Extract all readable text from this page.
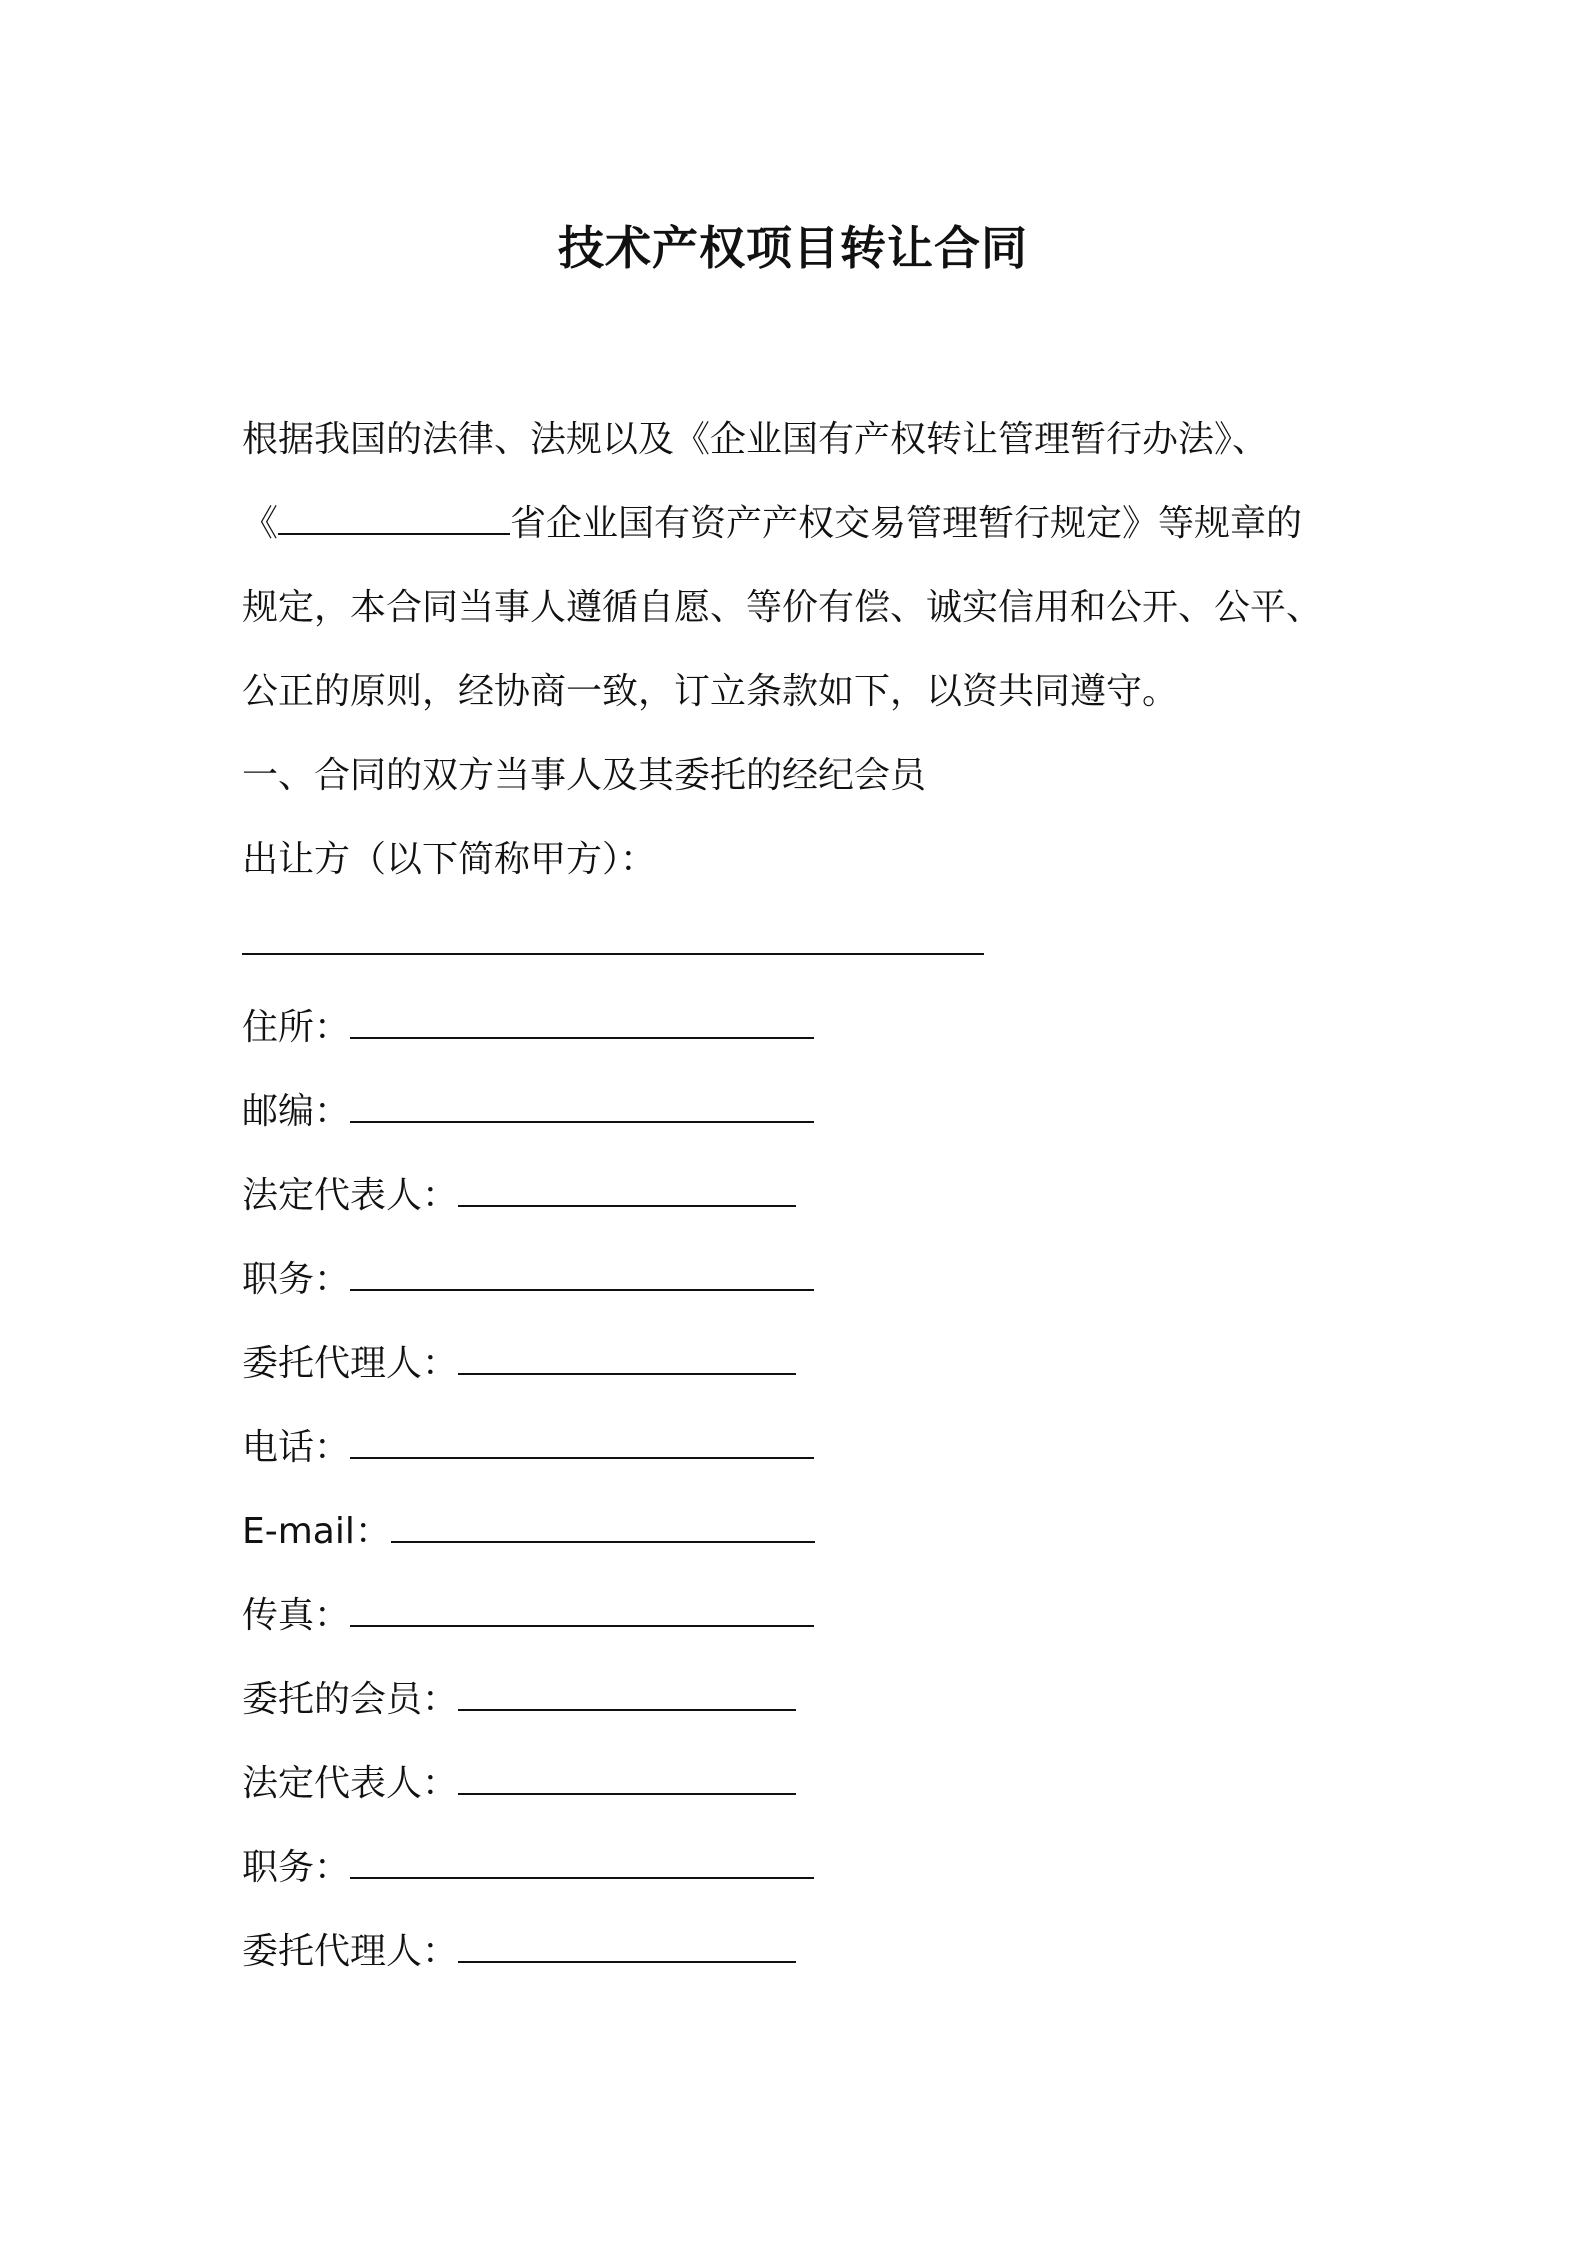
技术产权项目转让合同
根据我国的法律、法规以及《企业国有产权转让管理暂行办法》、
《	省企业国有资产产权交易管理暂行规定》等规章的
规定，本合同当事人遵循自愿、等价有偿、诚实信用和公开、公平、
公正的原则，经协商一致，订立条款如下，以资共同遵守。
一、合同的双方当事人及其委托的经纪会员
出让方（以下简称甲方）：
住所：
邮编：
法定代表人：
职务：
委托代理人：
电话：
E-mail：
传真：
委托的会员：
法定代表人：
职务：
委托代理人：
